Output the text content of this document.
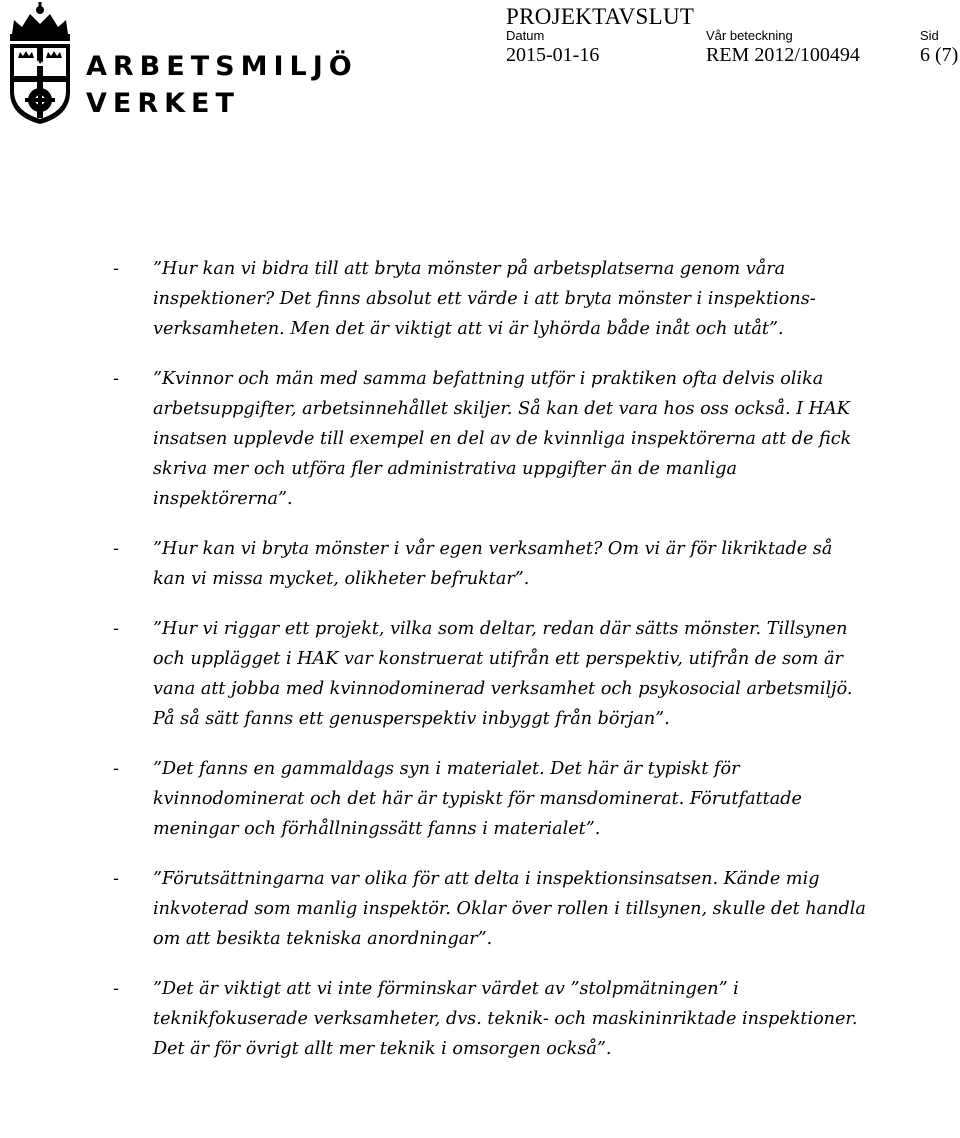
ARBETSMILJÖ
VERKET
PROJEKTAVSLUT
Datum
2015-01-16
Vår beteckning
REM 2012/100494
Sid
6 (7)
-	”Hur kan vi bidra till att bryta mönster på arbetsplatserna genom våra
inspektioner? Det finns absolut ett värde i att bryta mönster i inspektions-
verksamheten. Men det är viktigt att vi är lyhörda både inåt och utåt”.
-	”Kvinnor och män med samma befattning utför i praktiken ofta delvis olika
arbetsuppgifter, arbetsinnehållet skiljer. Så kan det vara hos oss också. I HAK
insatsen upplevde till exempel en del av de kvinnliga inspektörerna att de fick
skriva mer och utföra fler administrativa uppgifter än de manliga
inspektörerna”.
-	”Hur kan vi bryta mönster i vår egen verksamhet? Om vi är för likriktade så
kan vi missa mycket, olikheter befruktar”.
-	”Hur vi riggar ett projekt, vilka som deltar, redan där sätts mönster. Tillsynen
och upplägget i HAK var konstruerat utifrån ett perspektiv, utifrån de som är
vana att jobba med kvinnodominerad verksamhet och psykosocial arbetsmiljö.
På så sätt fanns ett genusperspektiv inbyggt från början”.
-	”Det fanns en gammaldags syn i materialet. Det här är typiskt för
kvinnodominerat och det här är typiskt för mansdominerat. Förutfattade
meningar och förhållningssätt fanns i materialet”.
-	”Förutsättningarna var olika för att delta i inspektionsinsatsen. Kände mig
inkvoterad som manlig inspektör. Oklar över rollen i tillsynen, skulle det handla
om att besikta tekniska anordningar”.
-	”Det är viktigt att vi inte förminskar värdet av ”stolpmätningen” i
teknikfokuserade verksamheter, dvs. teknik- och maskininriktade inspektioner.
Det är för övrigt allt mer teknik i omsorgen också”.
